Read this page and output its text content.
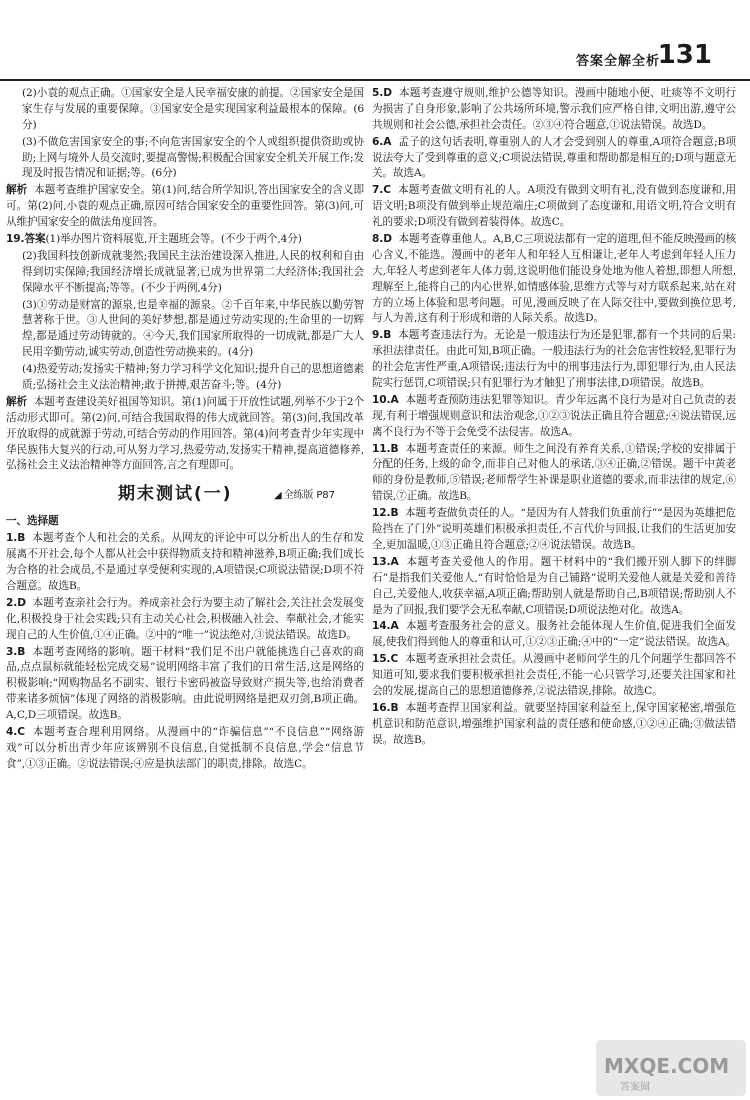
答案全解全析
131
(2)小袁的观点正确。①国家安全是人民幸福安康的前提。②国家安全是国家生存与发展的重要保障。③国家安全是实现国家利益最根本的保障。(6分)
(3)不做危害国家安全的事;不向危害国家安全的个人或组织提供资助或协助;上网与境外人员交流时,要提高警惕;积极配合国家安全机关开展工作;发现及时报告情况和证据;等。(6分)
解析  本题考查维护国家安全。第(1)问,结合所学知识,答出国家安全的含义即可。第(2)问,小袁的观点正确,原因可结合国家安全的重要性回答。第(3)问,可从维护国家安全的做法角度回答。
19.答案(1)举办图片资料展览,开主题班会等。(不少于两个,4分)
(2)我国科技创新成就斐然;我国民主法治建设深入推进,人民的权利和自由得到切实保障;我国经济增长成就显著,已成为世界第二大经济体;我国社会保障水平不断提高;等等。(不少于两例,4分)
(3)①劳动是财富的源泉,也是幸福的源泉。②千百年来,中华民族以勤劳智慧著称于世。③人世间的美好梦想,都是通过劳动实现的;生命里的一切辉煌,都是通过劳动铸就的。④今天,我们国家所取得的一切成就,都是广大人民用辛勤劳动,诚实劳动,创造性劳动换来的。(4分)
(4)热爱劳动;发扬实干精神;努力学习科学文化知识;提升自己的思想道德素质;弘扬社会主义法治精神;敢于拼搏,艰苦奋斗;等。(4分)
解析  本题考查建设美好祖国等知识。第(1)问属于开放性试题,列举不少于2个活动形式即可。第(2)问,可结合我国取得的伟大成就回答。第(3)问,我国改革开放取得的成就源于劳动,可结合劳动的作用回答。第(4)问考查青少年实现中华民族伟大复兴的行动,可从努力学习,热爱劳动,发扬实干精神,提高道德修养,弘扬社会主义法治精神等方面回答,言之有理即可。
期末测试(一)	◢ 全练版 P87
一、选择题
1.B  本题考查个人和社会的关系。从网友的评论中可以分析出人的生存和发展离不开社会,每个人都从社会中获得物质支持和精神滋养,B项正确;我们成长为合格的社会成员,不是通过享受便利实现的,A项错误;C项说法错误;D项不符合题意。故选B。
2.D  本题考查亲社会行为。养成亲社会行为要主动了解社会,关注社会发展变化,积极投身于社会实践;只有主动关心社会,积极融入社会、奉献社会,才能实现自己的人生价值,①④正确。②中的“唯一”说法绝对,③说法错误。故选D。
3.B  本题考查网络的影响。题干材料“我们足不出户就能挑选自己喜欢的商品,点点鼠标就能轻松完成交易”说明网络丰富了我们的日常生活,这是网络的积极影响;“网购物品名不副实、银行卡密码被盗导致财产损失等,也给消费者带来诸多烦恼”体现了网络的消极影响。由此说明网络是把双刃剑,B项正确。A,C,D三项错误。故选B。
4.C  本题考查合理利用网络。从漫画中的“诈骗信息”“不良信息”“网络游戏”可以分析出青少年应该辨别不良信息,自觉抵制不良信息,学会“信息节食”,①③正确。②说法错误;④应是执法部门的职责,排除。故选C。
5.D  本题考查遵守规则,维护公德等知识。漫画中随地小便、吐痰等不文明行为损害了自身形象,影响了公共场所环境,警示我们应严格自律,文明出游,遵守公共规则和社会公德,承担社会责任。②③④符合题意,①说法错误。故选D。
6.A  孟子的这句话表明,尊重别人的人才会受到别人的尊重,A项符合题意;B项说法夸大了受到尊重的意义;C项说法错误,尊重和帮助都是相互的;D项与题意无关。故选A。
7.C  本题考查做文明有礼的人。A项没有做到文明有礼,没有做到态度谦和,用语文明;B项没有做到举止规范端庄;C项做到了态度谦和,用语文明,符合文明有礼的要求;D项没有做到着装得体。故选C。
8.D  本题考查尊重他人。A,B,C三项说法都有一定的道理,但不能反映漫画的核心含义,不能选。漫画中的老年人和年轻人互相谦让,老年人考虑到年轻人压力大,年轻人考虑到老年人体力弱,这说明他们能设身处地为他人着想,即想人所想,理解至上,能将自己的内心世界,如情感体验,思维方式等与对方联系起来,站在对方的立场上体验和思考问题。可见,漫画反映了在人际交往中,要做到换位思考,与人为善,这有利于形成和谐的人际关系。故选D。
9.B  本题考查违法行为。无论是一般违法行为还是犯罪,都有一个共同的后果:承担法律责任。由此可知,B项正确。一般违法行为的社会危害性较轻,犯罪行为的社会危害性严重,A项错误;违法行为中的刑事违法行为,即犯罪行为,由人民法院实行惩罚,C项错误;只有犯罪行为才触犯了刑事法律,D项错误。故选B。
10.A  本题考查预防违法犯罪等知识。青少年远离不良行为是对自己负责的表现,有利于增强规则意识和法治观念,①②③说法正确且符合题意;④说法错误,远离不良行为不等于会免受不法侵害。故选A。
11.B  本题考查责任的来源。师生之间没有养育关系,①错误;学校的安排属于分配的任务,上级的命令,而非自己对他人的承诺,③④正确,②错误。题干中黄老师的身份是教师,⑤错误;老师帮学生补课是职业道德的要求,而非法律的规定,⑥错误,⑦正确。故选B。
12.B  本题考查做负责任的人。“是因为有人替我们负重前行”“是因为英雄把危险挡在了门外”说明英雄们积极承担责任,不言代价与回报,让我们的生活更加安全,更加温暖,①③正确且符合题意;②④说法错误。故选B。
13.A  本题考查关爱他人的作用。题干材料中的“我们搬开别人脚下的绊脚石”是指我们关爱他人,“有时恰恰是为自己铺路”说明关爱他人就是关爱和善待自己,关爱他人,收获幸福,A项正确;帮助别人就是帮助自己,B项错误;帮助别人不是为了回报,我们要学会无私奉献,C项错误;D项说法绝对化。故选A。
14.A  本题考查服务社会的意义。服务社会能体现人生价值,促进我们全面发展,使我们得到他人的尊重和认可,①②③正确;④中的“一定”说法错误。故选A。
15.C  本题考查承担社会责任。从漫画中老师问学生的几个问题学生都回答不知道可知,要求我们要积极承担社会责任,不能一心只管学习,还要关注国家和社会的发展,提高自己的思想道德修养,②说法错误,排除。故选C。
16.B  本题考查捍卫国家利益。就要坚持国家利益至上,保守国家秘密,增强危机意识和防范意识,增强维护国家利益的责任感和使命感,①②④正确;③做法错误。故选B。
MXQE.COM
答案圈
